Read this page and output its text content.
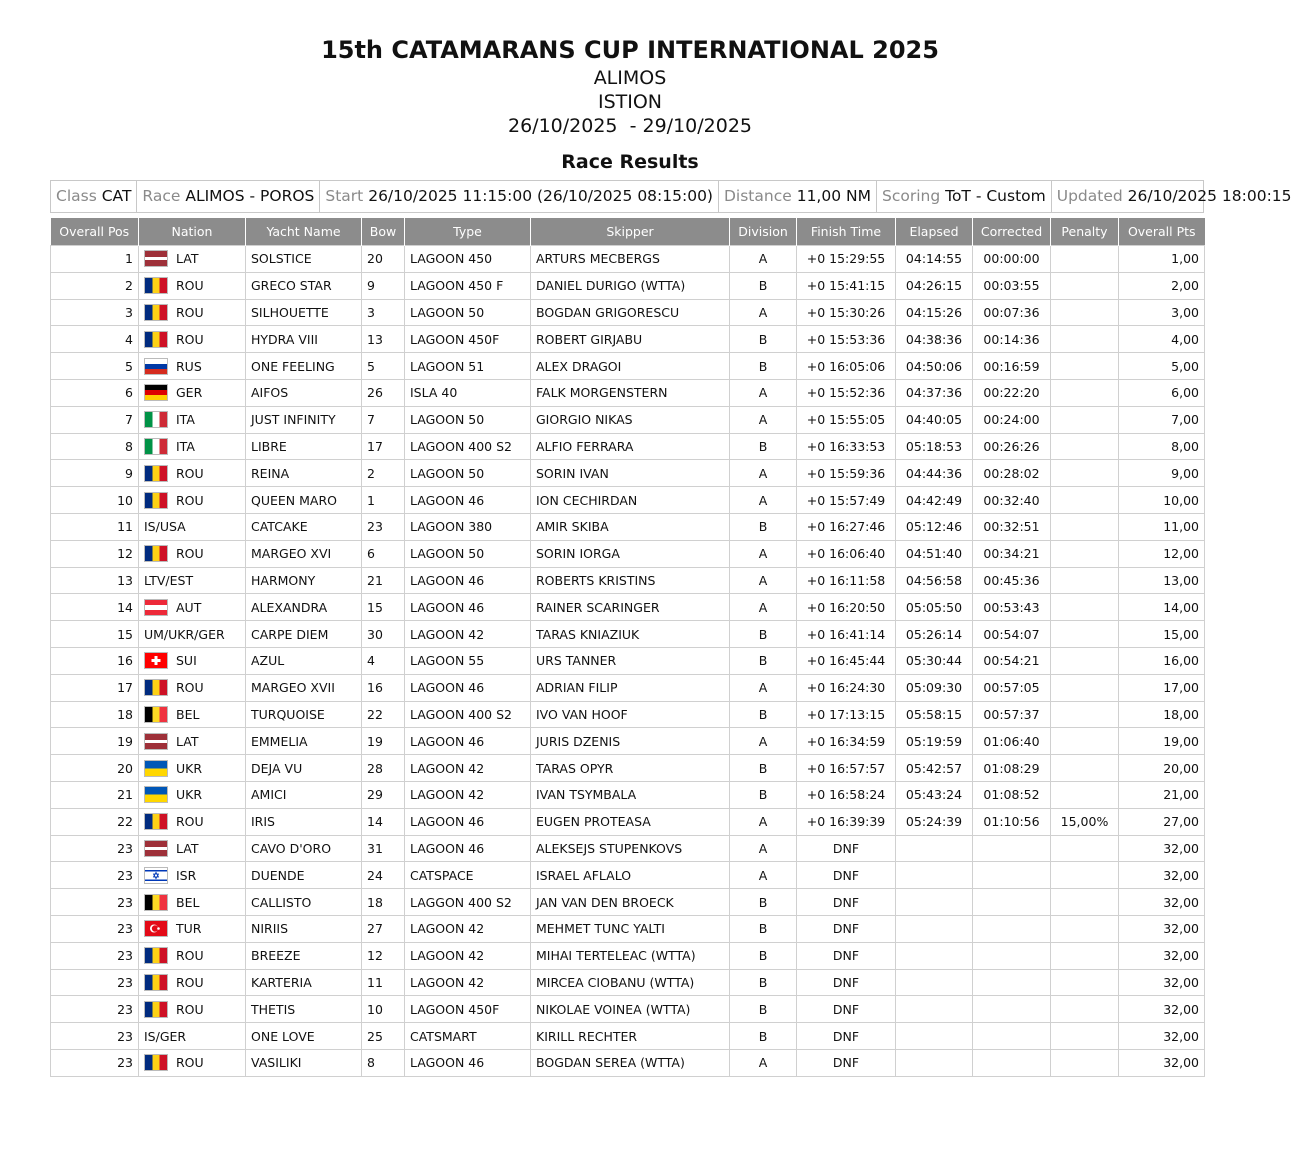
15th CATAMARANS CUP INTERNATIONAL 2025
ALIMOS
ISTION
26/10/2025  - 29/10/2025
Race Results
Class CAT Race ALIMOS - POROS Start 26/10/2025 11:15:00 (26/10/2025 08:15:00) Distance 11,00 NM Scoring ToT - Custom Updated 26/10/2025 18:00:15
Overall Pos	Nation	Yacht Name	Bow	Type	Skipper	Division	Finish Time	Elapsed	Corrected	Penalty	Overall Pts
1	LAT	SOLSTICE	20	LAGOON 450	ARTURS MECBERGS	A	+0 15:29:55	04:14:55	00:00:00		1,00
2	ROU	GRECO STAR	9	LAGOON 450 F	DANIEL DURIGO (WTTA)	B	+0 15:41:15	04:26:15	00:03:55		2,00
3	ROU	SILHOUETTE	3	LAGOON 50	BOGDAN GRIGORESCU	A	+0 15:30:26	04:15:26	00:07:36		3,00
4	ROU	HYDRA VIII	13	LAGOON 450F	ROBERT GIRJABU	B	+0 15:53:36	04:38:36	00:14:36		4,00
5	RUS	ONE FEELING	5	LAGOON 51	ALEX DRAGOI	B	+0 16:05:06	04:50:06	00:16:59		5,00
6	GER	AIFOS	26	ISLA 40	FALK MORGENSTERN	A	+0 15:52:36	04:37:36	00:22:20		6,00
7	ITA	JUST INFINITY	7	LAGOON 50	GIORGIO NIKAS	A	+0 15:55:05	04:40:05	00:24:00		7,00
8	ITA	LIBRE	17	LAGOON 400 S2	ALFIO FERRARA	B	+0 16:33:53	05:18:53	00:26:26		8,00
9	ROU	REINA	2	LAGOON 50	SORIN IVAN	A	+0 15:59:36	04:44:36	00:28:02		9,00
10	ROU	QUEEN MARO	1	LAGOON 46	ION CECHIRDAN	A	+0 15:57:49	04:42:49	00:32:40		10,00
11	IS/USA	CATCAKE	23	LAGOON 380	AMIR SKIBA	B	+0 16:27:46	05:12:46	00:32:51		11,00
12	ROU	MARGEO XVI	6	LAGOON 50	SORIN IORGA	A	+0 16:06:40	04:51:40	00:34:21		12,00
13	LTV/EST	HARMONY	21	LAGOON 46	ROBERTS KRISTINS	A	+0 16:11:58	04:56:58	00:45:36		13,00
14	AUT	ALEXANDRA	15	LAGOON 46	RAINER SCARINGER	A	+0 16:20:50	05:05:50	00:53:43		14,00
15	UM/UKR/GER	CARPE DIEM	30	LAGOON 42	TARAS KNIAZIUK	B	+0 16:41:14	05:26:14	00:54:07		15,00
16	SUI	AZUL	4	LAGOON 55	URS TANNER	B	+0 16:45:44	05:30:44	00:54:21		16,00
17	ROU	MARGEO XVII	16	LAGOON 46	ADRIAN FILIP	A	+0 16:24:30	05:09:30	00:57:05		17,00
18	BEL	TURQUOISE	22	LAGOON 400 S2	IVO VAN HOOF	B	+0 17:13:15	05:58:15	00:57:37		18,00
19	LAT	EMMELIA	19	LAGOON 46	JURIS DZENIS	A	+0 16:34:59	05:19:59	01:06:40		19,00
20	UKR	DEJA VU	28	LAGOON 42	TARAS OPYR	B	+0 16:57:57	05:42:57	01:08:29		20,00
21	UKR	AMICI	29	LAGOON 42	IVAN TSYMBALA	B	+0 16:58:24	05:43:24	01:08:52		21,00
22	ROU	IRIS	14	LAGOON 46	EUGEN PROTEASA	A	+0 16:39:39	05:24:39	01:10:56	15,00%	27,00
23	LAT	CAVO D'ORO	31	LAGOON 46	ALEKSEJS STUPENKOVS	A	DNF				32,00
23	ISR	DUENDE	24	CATSPACE	ISRAEL AFLALO	A	DNF				32,00
23	BEL	CALLISTO	18	LAGGON 400 S2	JAN VAN DEN BROECK	B	DNF				32,00
23	TUR	NIRIIS	27	LAGOON 42	MEHMET TUNC YALTI	B	DNF				32,00
23	ROU	BREEZE	12	LAGOON 42	MIHAI TERTELEAC (WTTA)	B	DNF				32,00
23	ROU	KARTERIA	11	LAGOON 42	MIRCEA CIOBANU (WTTA)	B	DNF				32,00
23	ROU	THETIS	10	LAGOON 450F	NIKOLAE VOINEA (WTTA)	B	DNF				32,00
23	IS/GER	ONE LOVE	25	CATSMART	KIRILL RECHTER	B	DNF				32,00
23	ROU	VASILIKI	8	LAGOON 46	BOGDAN SEREA (WTTA)	A	DNF				32,00
